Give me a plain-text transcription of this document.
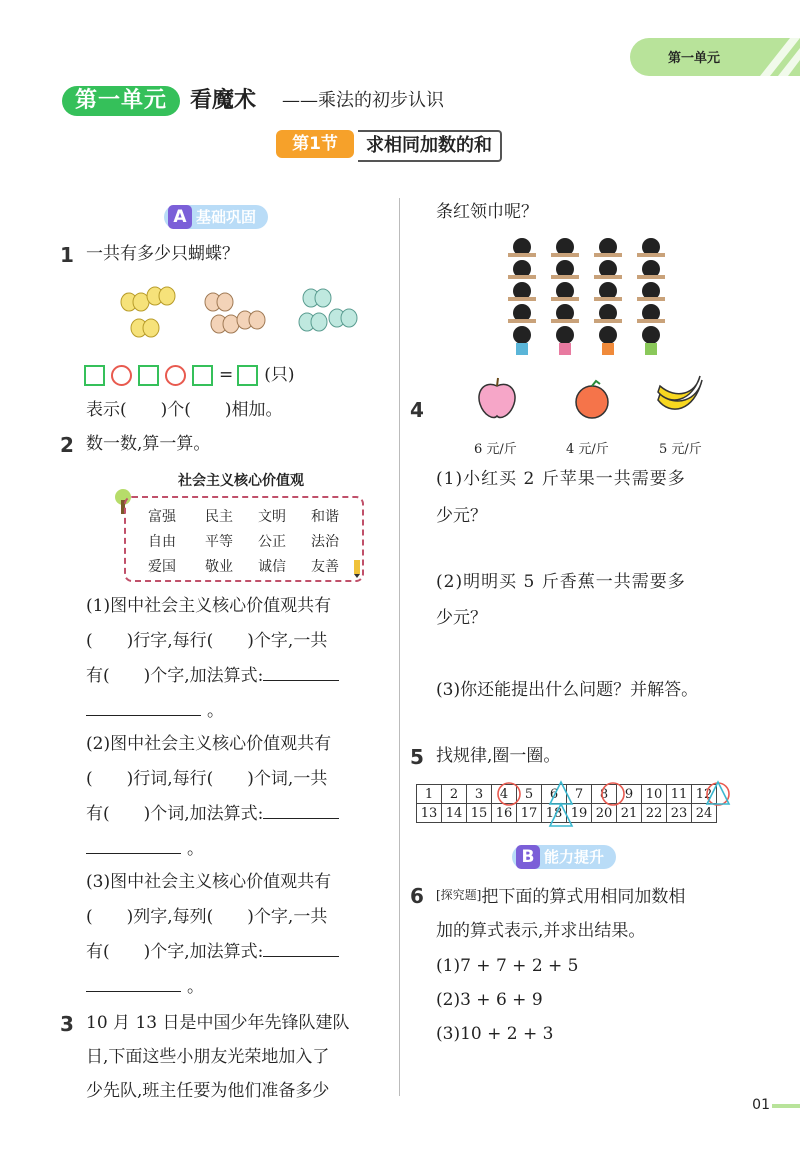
第一单元
第一单元	看魔术 ——乘法的初步认识
第1节	求相同加数的和
A 基础巩固
1 一共有多少只蝴蝶？
= (只)
表示(　　)个(　　)相加。
2 数一数,算一算。
社会主义核心价值观
富强	民主	文明	和谐
自由	平等	公正	法治
爱国	敬业	诚信	友善
(1)图中社会主义核心价值观共有
(　　)行字,每行(　　)个字,一共
有(　　)个字,加法算式:
。
(2)图中社会主义核心价值观共有
(　　)行词,每行(　　)个词,一共
有(　　)个词,加法算式:
。
(3)图中社会主义核心价值观共有
(　　)列字,每列(　　)个字,一共
有(　　)个字,加法算式:
。
3 10 月 13 日是中国少年先锋队建队
日,下面这些小朋友光荣地加入了
少先队,班主任要为他们准备多少
条红领巾呢？
4
6 元/斤	4 元/斤	5 元/斤
(1)小红买 2 斤苹果一共需要多
少元？
(2)明明买 5 斤香蕉一共需要多
少元？
(3)你还能提出什么问题？并解答。
5 找规律,圈一圈。
1	2	3	4	5	6	7	8	9	10	11	12
13	14	15	16	17	18	19	20	21	22	23	24
B 能力提升
6 [探究题]把下面的算式用相同加数相
加的算式表示,并求出结果。
(1)7 + 7 + 2 + 5
(2)3 + 6 + 9
(3)10 + 2 + 3
01
